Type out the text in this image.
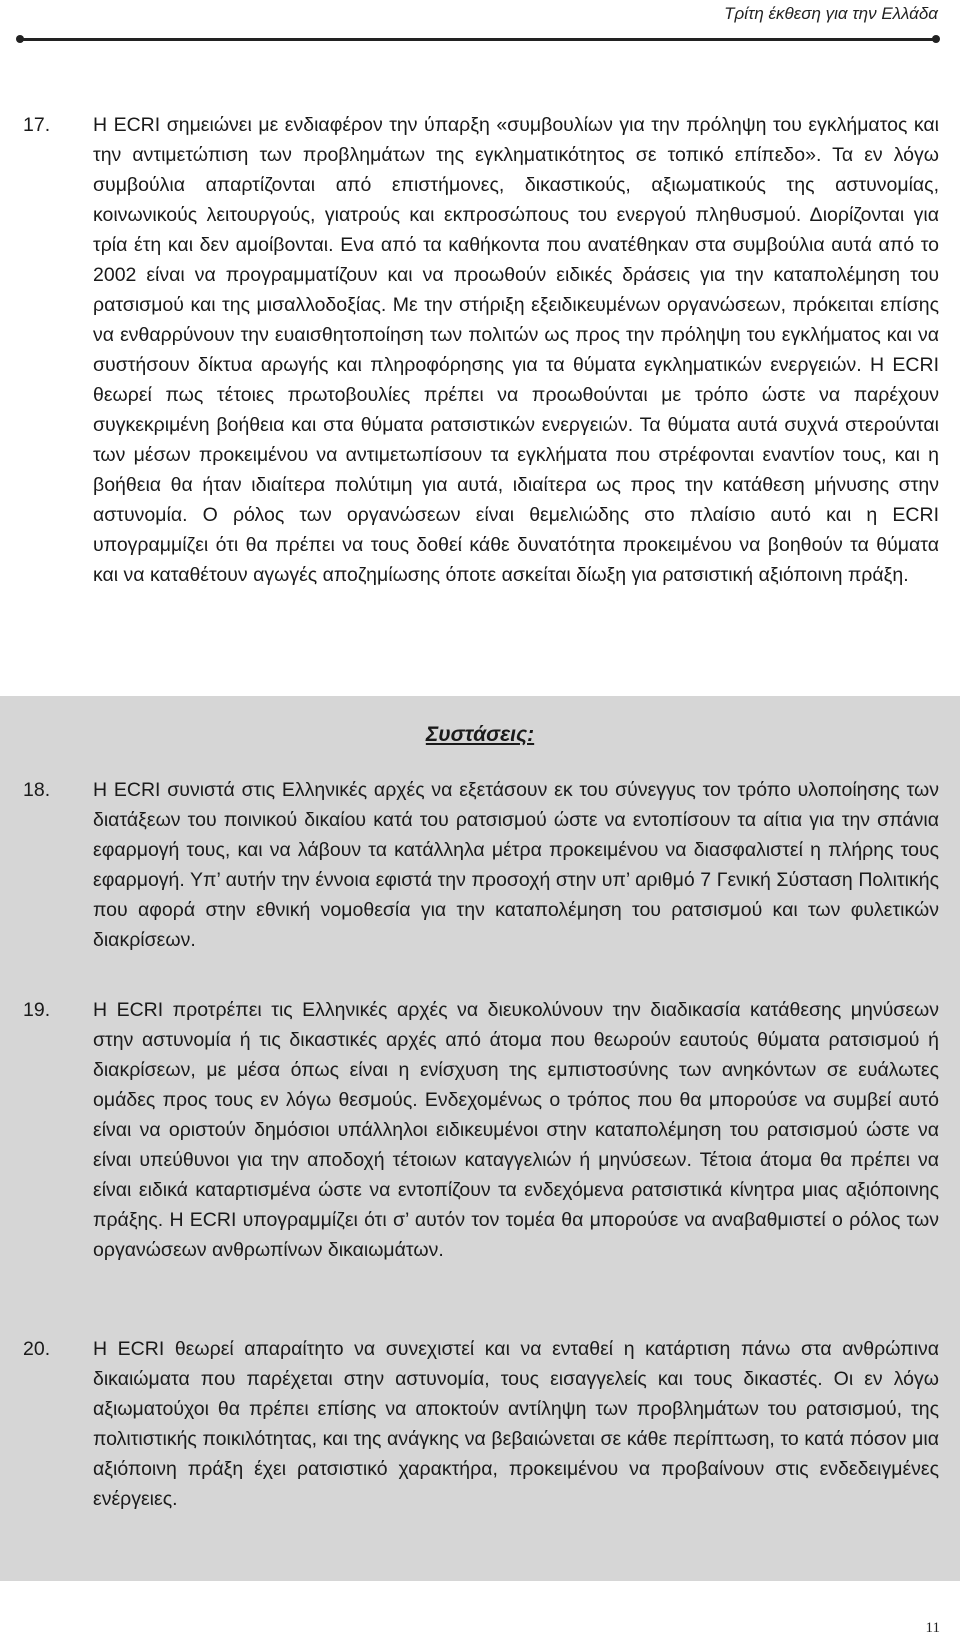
Τρίτη έκθεση για την Ελλάδα
17. Η ECRI σημειώνει με ενδιαφέρον την ύπαρξη «συμβουλίων για την πρόληψη του εγκλήματος και την αντιμετώπιση των προβλημάτων της εγκληματικότητος σε τοπικό επίπεδο». Τα εν λόγω συμβούλια απαρτίζονται από επιστήμονες, δικαστικούς, αξιωματικούς της αστυνομίας, κοινωνικούς λειτουργούς, γιατρούς και εκπροσώπους του ενεργού πληθυσμού. Διορίζονται για τρία έτη και δεν αμοίβονται. Ενα από τα καθήκοντα που ανατέθηκαν στα συμβούλια αυτά από το 2002 είναι να προγραμματίζουν και να προωθούν ειδικές δράσεις για την καταπολέμηση του ρατσισμού και της μισαλλοδοξίας. Με την στήριξη εξειδικευμένων οργανώσεων, πρόκειται επίσης να ενθαρρύνουν την ευαισθητοποίηση των πολιτών ως προς την πρόληψη του εγκλήματος και να συστήσουν δίκτυα αρωγής και πληροφόρησης για τα θύματα εγκληματικών ενεργειών. Η ECRI θεωρεί πως τέτοιες πρωτοβουλίες πρέπει να προωθούνται με τρόπο ώστε να παρέχουν συγκεκριμένη βοήθεια και στα θύματα ρατσιστικών ενεργειών. Τα θύματα αυτά συχνά στερούνται των μέσων προκειμένου να αντιμετωπίσουν τα εγκλήματα που στρέφονται εναντίον τους, και η βοήθεια θα ήταν ιδιαίτερα πολύτιμη για αυτά, ιδιαίτερα ως προς την κατάθεση μήνυσης στην αστυνομία. Ο ρόλος των οργανώσεων είναι θεμελιώδης στο πλαίσιο αυτό και η ECRI υπογραμμίζει ότι θα πρέπει να τους δοθεί κάθε δυνατότητα προκειμένου να βοηθούν τα θύματα και να καταθέτουν αγωγές αποζημίωσης όποτε ασκείται δίωξη για ρατσιστική αξιόποινη πράξη.
Συστάσεις:
18. Η ECRI συνιστά στις Ελληνικές αρχές να εξετάσουν εκ του σύνεγγυς τον τρόπο υλοποίησης των διατάξεων του ποινικού δικαίου κατά του ρατσισμού ώστε να εντοπίσουν τα αίτια για την σπάνια εφαρμογή τους, και να λάβουν τα κατάλληλα μέτρα προκειμένου να διασφαλιστεί η πλήρης τους εφαρμογή. Υπ’ αυτήν την έννοια εφιστά την προσοχή στην υπ’ αριθμό 7 Γενική Σύσταση Πολιτικής που αφορά στην εθνική νομοθεσία για την καταπολέμηση του ρατσισμού και των φυλετικών διακρίσεων.
19. Η ECRI προτρέπει τις Ελληνικές αρχές να διευκολύνουν την διαδικασία κατάθεσης μηνύσεων στην αστυνομία ή τις δικαστικές αρχές από άτομα που θεωρούν εαυτούς θύματα ρατσισμού ή διακρίσεων, με μέσα όπως είναι η ενίσχυση της εμπιστοσύνης των ανηκόντων σε ευάλωτες ομάδες προς τους εν λόγω θεσμούς. Ενδεχομένως ο τρόπος που θα μπορούσε να συμβεί αυτό είναι να οριστούν δημόσιοι υπάλληλοι ειδικευμένοι στην καταπολέμηση του ρατσισμού ώστε να είναι υπεύθυνοι για την αποδοχή τέτοιων καταγγελιών ή μηνύσεων. Τέτοια άτομα θα πρέπει να είναι ειδικά καταρτισμένα ώστε να εντοπίζουν τα ενδεχόμενα ρατσιστικά κίνητρα μιας αξιόποινης πράξης. Η ECRI υπογραμμίζει ότι σ’ αυτόν τον τομέα θα μπορούσε να αναβαθμιστεί ο ρόλος των οργανώσεων ανθρωπίνων δικαιωμάτων.
20. Η ECRI θεωρεί απαραίτητο να συνεχιστεί και να ενταθεί η κατάρτιση πάνω στα ανθρώπινα δικαιώματα που παρέχεται στην αστυνομία, τους εισαγγελείς και τους δικαστές. Οι εν λόγω αξιωματούχοι θα πρέπει επίσης να αποκτούν αντίληψη των προβλημάτων του ρατσισμού, της πολιτιστικής ποικιλότητας, και της ανάγκης να βεβαιώνεται σε κάθε περίπτωση, το κατά πόσον μια αξιόποινη πράξη έχει ρατσιστικό χαρακτήρα, προκειμένου να προβαίνουν στις ενδεδειγμένες ενέργειες.
11
